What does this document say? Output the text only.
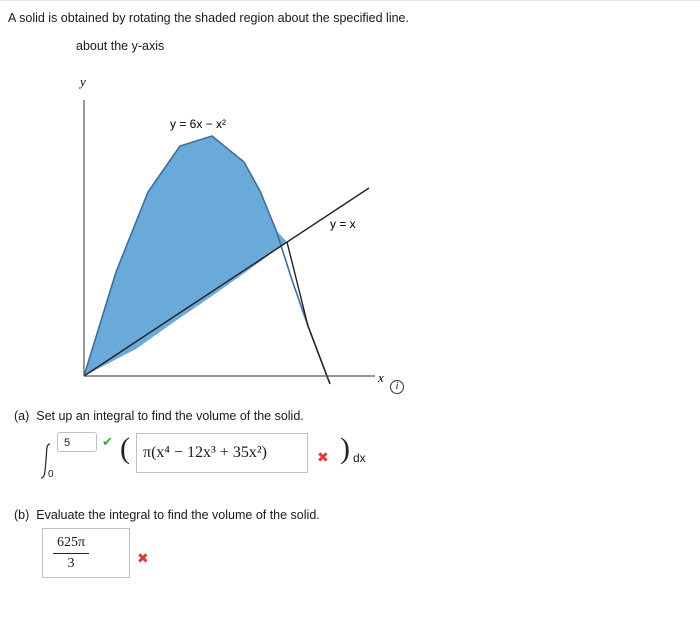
A solid is obtained by rotating the shaded region about the specified line.
about the y-axis
y
x
y = 6x − x²
y = x
i
(a) Set up an integral to find the volume of the solid.
0
5	✔ ( π(x⁴ − 12x³ + 35x²)	✖ ) dx
(b) Evaluate the integral to find the volume of the solid.
$\frac{625\pi}{3}$	✖
